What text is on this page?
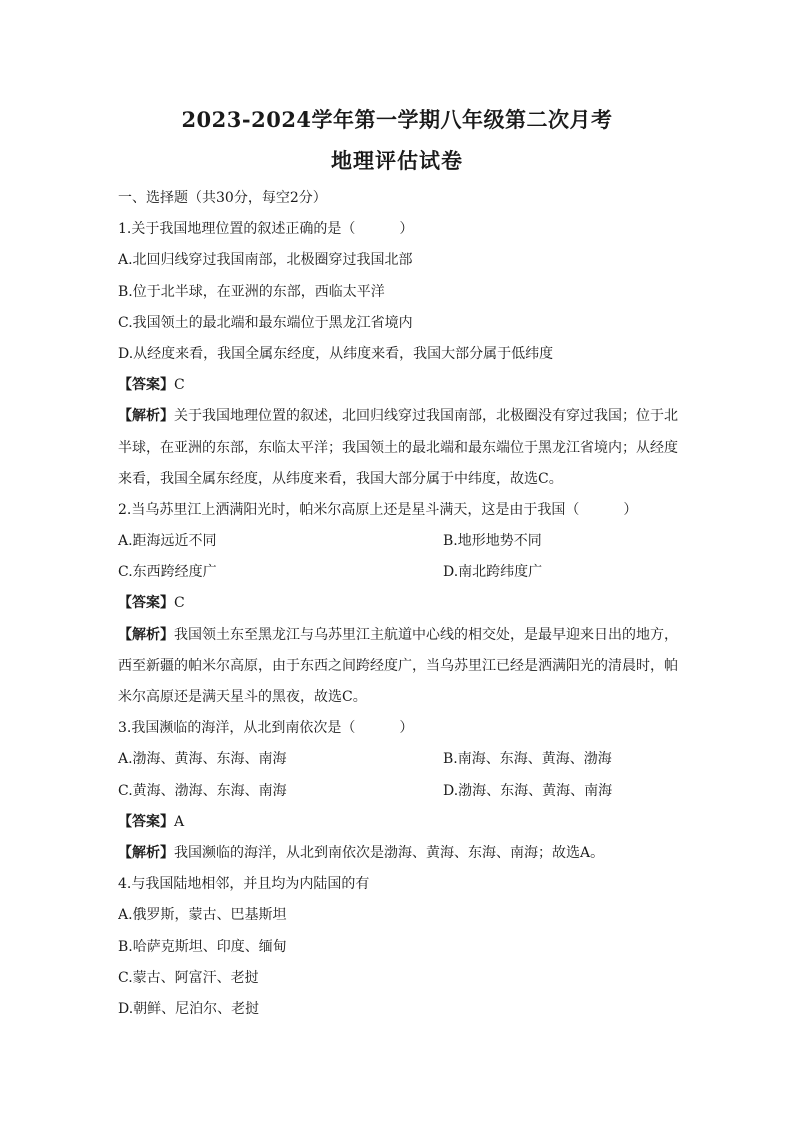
2023-2024学年第一学期八年级第二次月考
地理评估试卷
一、选择题（共30分，每空2分）
1.关于我国地理位置的叙述正确的是（	）
A.北回归线穿过我国南部，北极圈穿过我国北部
B.位于北半球，在亚洲的东部，西临太平洋
C.我国领土的最北端和最东端位于黑龙江省境内
D.从经度来看，我国全属东经度，从纬度来看，我国大部分属于低纬度
【答案】C
【解析】关于我国地理位置的叙述，北回归线穿过我国南部，北极圈没有穿过我国；位于北半球，在亚洲的东部，东临太平洋；我国领土的最北端和最东端位于黑龙江省境内；从经度来看，我国全属东经度，从纬度来看，我国大部分属于中纬度，故选C。
2.当乌苏里江上洒满阳光时，帕米尔高原上还是星斗满天，这是由于我国（	）
A.距海远近不同	B.地形地势不同
C.东西跨经度广	D.南北跨纬度广
【答案】C
【解析】我国领土东至黑龙江与乌苏里江主航道中心线的相交处，是最早迎来日出的地方，西至新疆的帕米尔高原，由于东西之间跨经度广，当乌苏里江已经是洒满阳光的清晨时，帕米尔高原还是满天星斗的黑夜，故选C。
3.我国濒临的海洋，从北到南依次是（	）
A.渤海、黄海、东海、南海	B.南海、东海、黄海、渤海
C.黄海、渤海、东海、南海	D.渤海、东海、黄海、南海
【答案】A
【解析】我国濒临的海洋，从北到南依次是渤海、黄海、东海、南海；故选A。
4.与我国陆地相邻，并且均为内陆国的有
A.俄罗斯，蒙古、巴基斯坦
B.哈萨克斯坦、印度、缅甸
C.蒙古、阿富汗、老挝
D.朝鲜、尼泊尔、老挝
